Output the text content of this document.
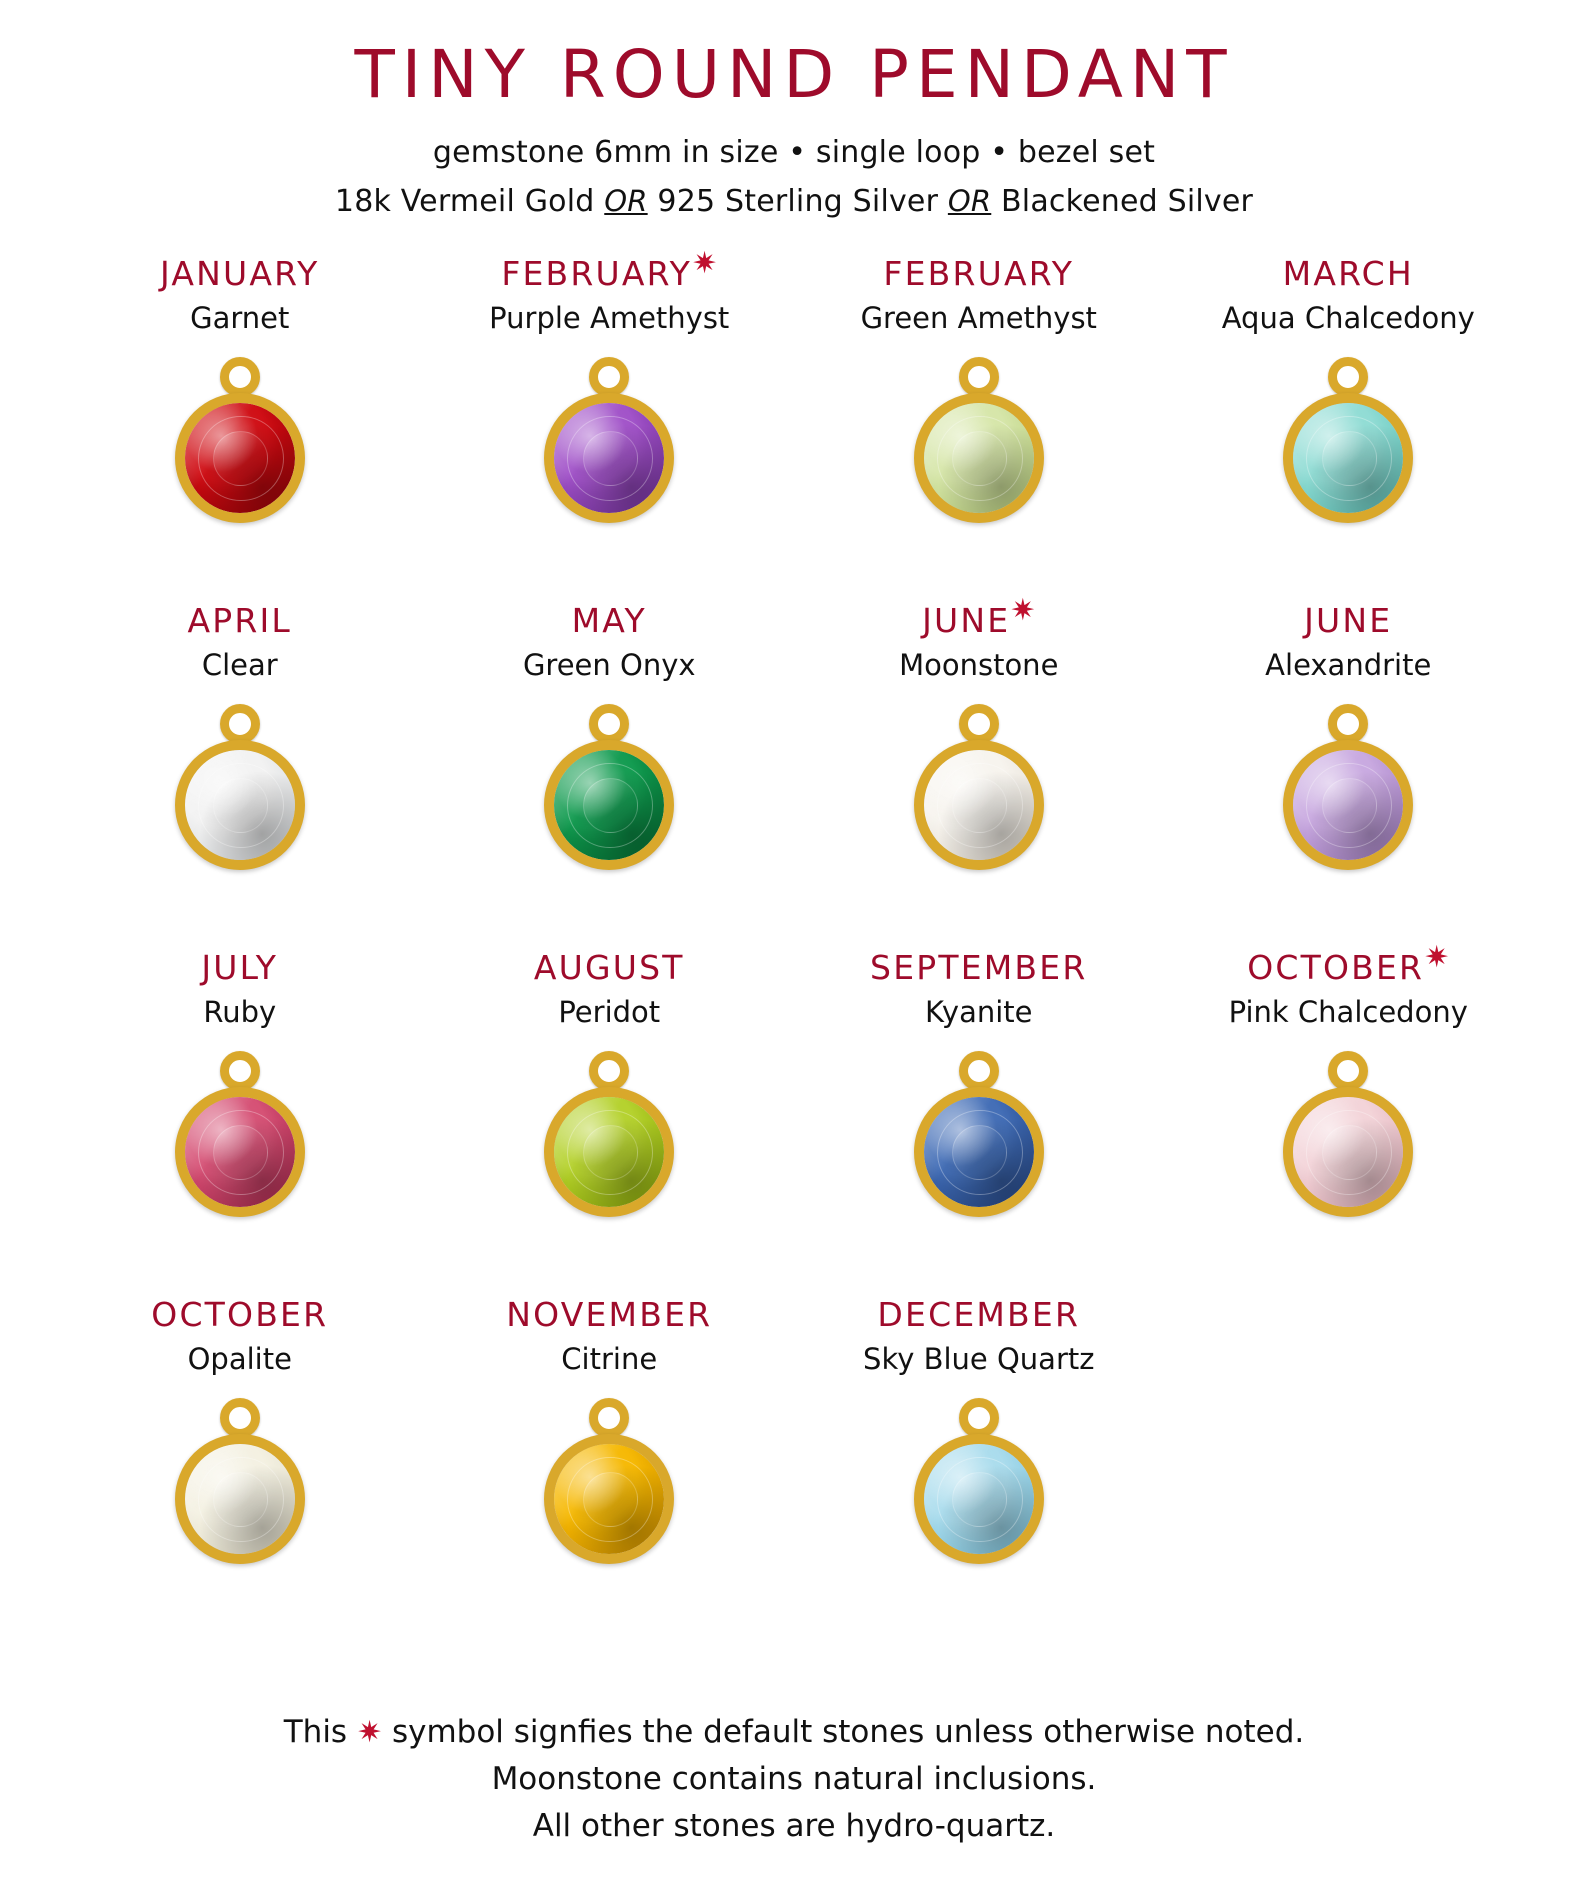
TINY ROUND PENDANT
gemstone 6mm in size • single loop • bezel set
18k Vermeil Gold OR 925 Sterling Silver OR Blackened Silver
JANUARY
Garnet
FEBRUARY✷
Purple Amethyst
FEBRUARY
Green Amethyst
MARCH
Aqua Chalcedony
APRIL
Clear
MAY
Green Onyx
JUNE✷
Moonstone
JUNE
Alexandrite
JULY
Ruby
AUGUST
Peridot
SEPTEMBER
Kyanite
OCTOBER✷
Pink Chalcedony
OCTOBER
Opalite
NOVEMBER
Citrine
DECEMBER
Sky Blue Quartz
This ✷ symbol signfies the default stones unless otherwise noted.
Moonstone contains natural inclusions.
All other stones are hydro-quartz.
